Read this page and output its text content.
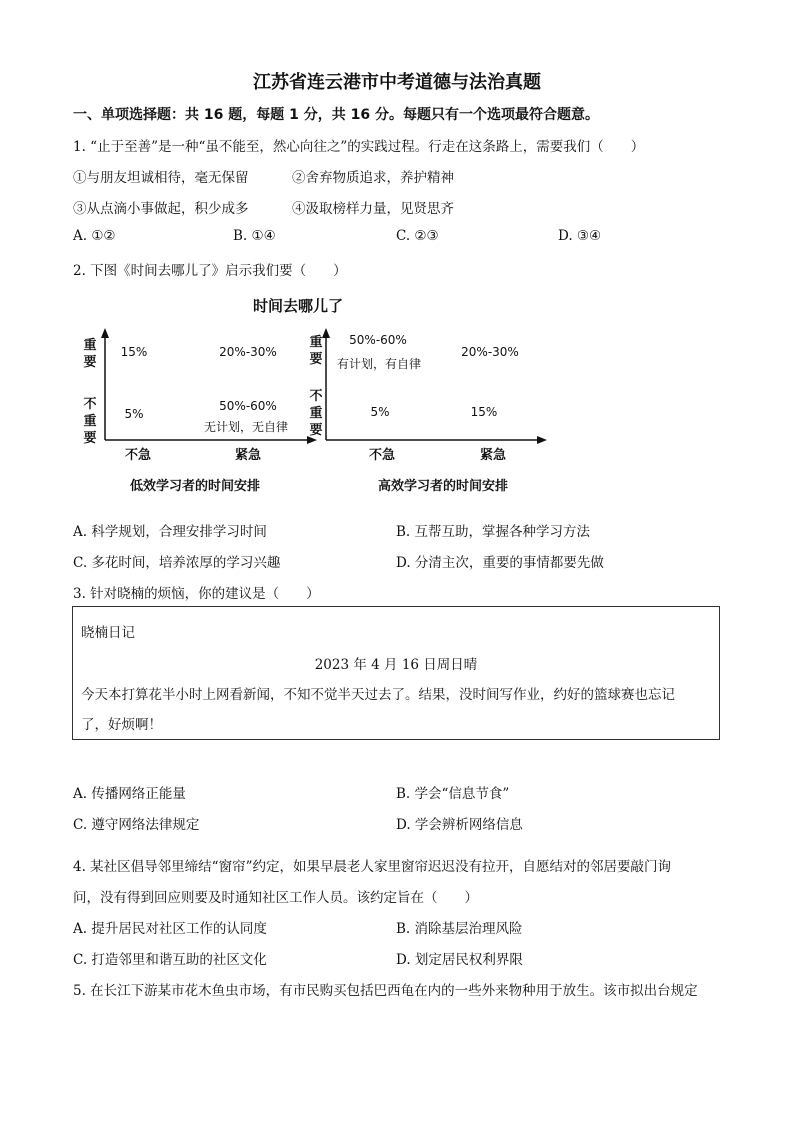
江苏省连云港市中考道德与法治真题
一、单项选择题：共 16 题，每题 1 分，共 16 分。每题只有一个选项最符合题意。
1. “止于至善”是一种“虽不能至，然心向往之”的实践过程。行走在这条路上，需要我们（　　）
①与朋友坦诚相待，毫无保留	②舍弃物质追求，养护精神
③从点滴小事做起，积少成多	④汲取榜样力量，见贤思齐
A. ①②	B. ①④	C. ②③	D. ③④
2. 下图《时间去哪儿了》启示我们要（　　）
时间去哪儿了
重
要
不
重
要
重
要
不
重
要
不急	紧急	不急	紧急
15%	20%-30%
5%
50%-60%
无计划，无自律
50%-60%
有计划，有自律
20%-30%
5%	15%
低效学习者的时间安排	高效学习者的时间安排
A. 科学规划，合理安排学习时间	B. 互帮互助，掌握各种学习方法
C. 多花时间，培养浓厚的学习兴趣	D. 分清主次，重要的事情都要先做
3. 针对晓楠的烦恼，你的建议是（　　）
晓楠日记
2023 年 4 月 16 日周日晴
今天本打算花半小时上网看新闻，不知不觉半天过去了。结果，没时间写作业，约好的篮球赛也忘记
了，好烦啊！
A. 传播网络正能量	B. 学会“信息节食”
C. 遵守网络法律规定	D. 学会辨析网络信息
4. 某社区倡导邻里缔结“窗帘”约定，如果早晨老人家里窗帘迟迟没有拉开，自愿结对的邻居要敲门询
问，没有得到回应则要及时通知社区工作人员。该约定旨在（　　）
A. 提升居民对社区工作的认同度	B. 消除基层治理风险
C. 打造邻里和谐互助的社区文化	D. 划定居民权利界限
5. 在长江下游某市花木鱼虫市场，有市民购买包括巴西龟在内的一些外来物种用于放生。该市拟出台规定
